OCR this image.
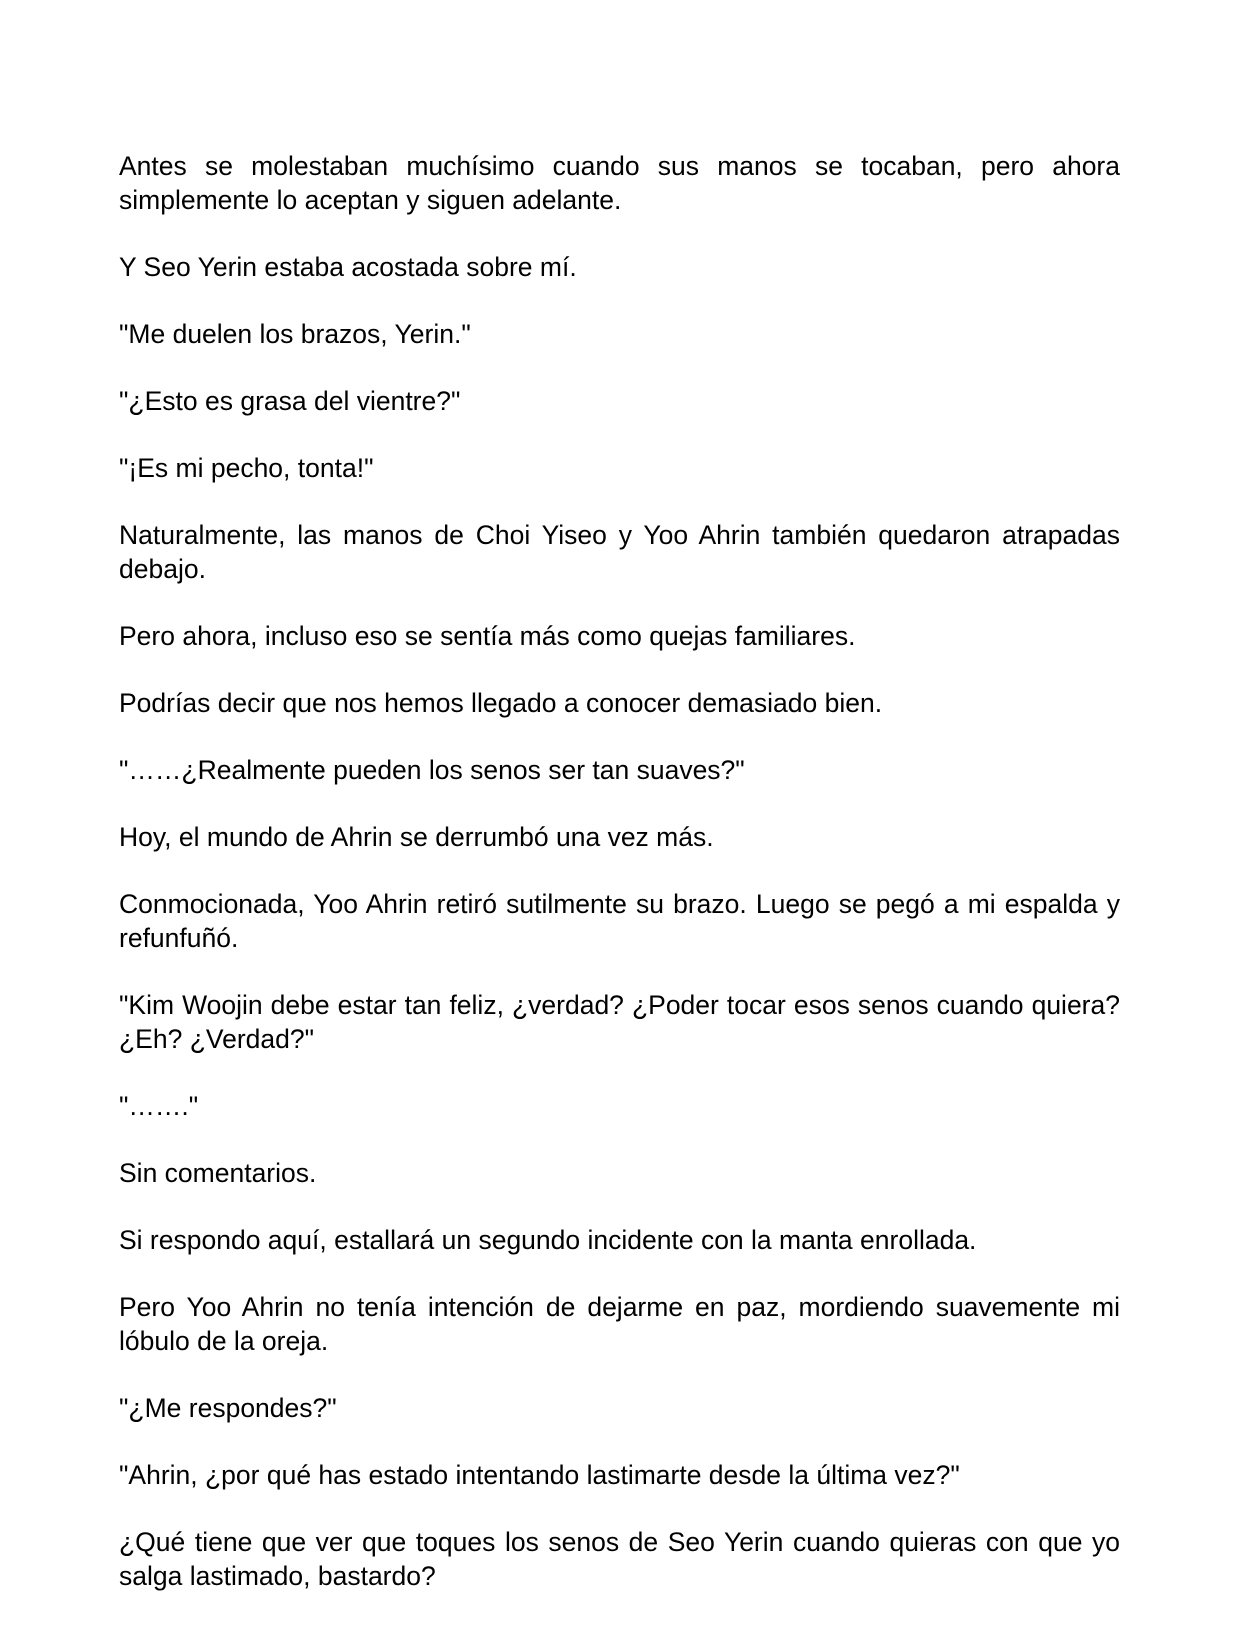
Antes se molestaban muchísimo cuando sus manos se tocaban, pero ahora simplemente lo aceptan y siguen adelante.

Y Seo Yerin estaba acostada sobre mí.

"Me duelen los brazos, Yerin."

"¿Esto es grasa del vientre?"

"¡Es mi pecho, tonta!"

Naturalmente, las manos de Choi Yiseo y Yoo Ahrin también quedaron atrapadas debajo.

Pero ahora, incluso eso se sentía más como quejas familiares.

Podrías decir que nos hemos llegado a conocer demasiado bien.

"……¿Realmente pueden los senos ser tan suaves?"

Hoy, el mundo de Ahrin se derrumbó una vez más.

Conmocionada, Yoo Ahrin retiró sutilmente su brazo. Luego se pegó a mi espalda y refunfuñó.

"Kim Woojin debe estar tan feliz, ¿verdad? ¿Poder tocar esos senos cuando quiera? ¿Eh? ¿Verdad?"

"……."

Sin comentarios.

Si respondo aquí, estallará un segundo incidente con la manta enrollada.

Pero Yoo Ahrin no tenía intención de dejarme en paz, mordiendo suavemente mi lóbulo de la oreja.

"¿Me respondes?"

"Ahrin, ¿por qué has estado intentando lastimarte desde la última vez?"

¿Qué tiene que ver que toques los senos de Seo Yerin cuando quieras con que yo salga lastimado, bastardo?
